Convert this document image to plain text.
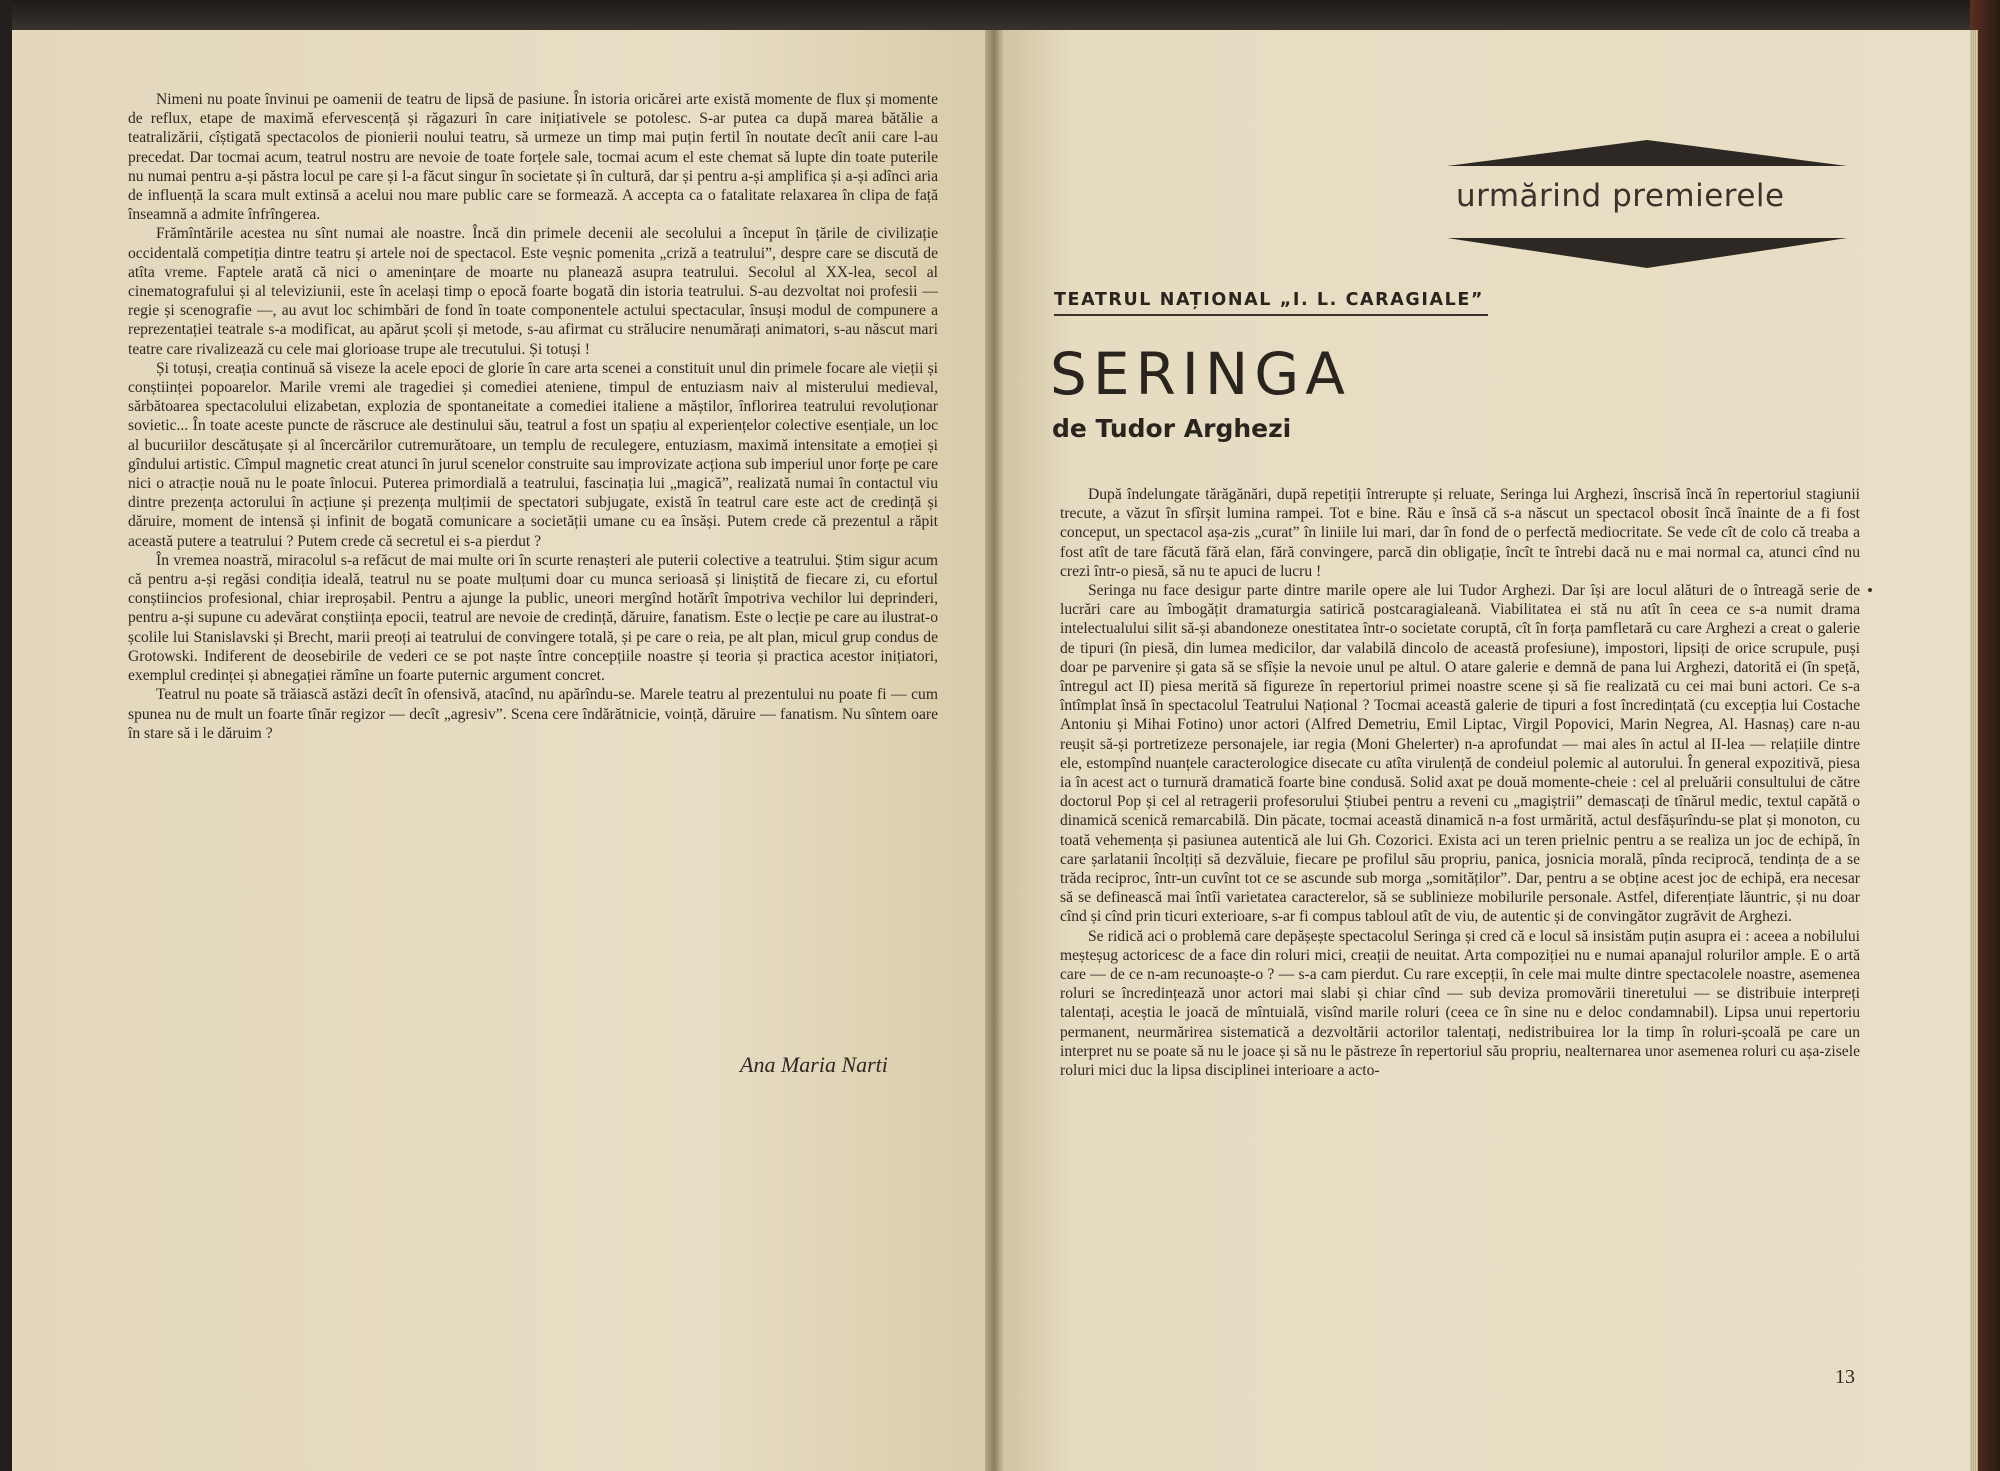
Nimeni nu poate învinui pe oamenii de teatru de lipsă de pasiune. În istoria oricărei arte există momente de flux și momente de reflux, etape de maximă efervescență și răgazuri în care inițiativele se potolesc. S-ar putea ca după marea bătălie a teatralizării, cîștigată spectacolos de pionierii noului teatru, să urmeze un timp mai puțin fertil în noutate decît anii care l-au precedat. Dar tocmai acum, teatrul nostru are nevoie de toate forțele sale, tocmai acum el este chemat să lupte din toate puterile nu numai pentru a-și păstra locul pe care și l-a făcut singur în societate și în cultură, dar și pentru a-și amplifica și a-și adînci aria de influență la scara mult extinsă a acelui nou mare public care se formează. A accepta ca o fatalitate relaxarea în clipa de față înseamnă a admite înfrîngerea.

Frămîntările acestea nu sînt numai ale noastre. Încă din primele decenii ale secolului a început în țările de civilizație occidentală competiția dintre teatru și artele noi de spectacol. Este veșnic pomenita „criză a teatrului”, despre care se discută de atîta vreme. Faptele arată că nici o amenințare de moarte nu planează asupra teatrului. Secolul al XX-lea, secol al cinematografului și al televiziunii, este în același timp o epocă foarte bogată din istoria teatrului. S-au dezvoltat noi profesii — regie și scenografie —, au avut loc schimbări de fond în toate componentele actului spectacular, însuși modul de compunere a reprezentației teatrale s-a modificat, au apărut școli și metode, s-au afirmat cu strălucire nenumărați animatori, s-au născut mari teatre care rivalizează cu cele mai glorioase trupe ale trecutului. Și totuși !

Și totuși, creația continuă să viseze la acele epoci de glorie în care arta scenei a constituit unul din primele focare ale vieții și conștiinței popoarelor. Marile vremi ale tragediei și comediei ateniene, timpul de entuziasm naiv al misterului medieval, sărbătoarea spectacolului elizabetan, explozia de spontaneitate a comediei italiene a măștilor, înflorirea teatrului revoluționar sovietic... În toate aceste puncte de răscruce ale destinului său, teatrul a fost un spațiu al experiențelor colective esențiale, un loc al bucuriilor descătușate și al încercărilor cutremurătoare, un templu de reculegere, entuziasm, maximă intensitate a emoției și gîndului artistic. Cîmpul magnetic creat atunci în jurul scenelor construite sau improvizate acționa sub imperiul unor forțe pe care nici o atracție nouă nu le poate înlocui. Puterea primordială a teatrului, fascinația lui „magică”, realizată numai în contactul viu dintre prezența actorului în acțiune și prezența mulțimii de spectatori subjugate, există în teatrul care este act de credință și dăruire, moment de intensă și infinit de bogată comunicare a societății umane cu ea însăși. Putem crede că prezentul a răpit această putere a teatrului ? Putem crede că secretul ei s-a pierdut ?

În vremea noastră, miracolul s-a refăcut de mai multe ori în scurte renașteri ale puterii colective a teatrului. Știm sigur acum că pentru a-și regăsi condiția ideală, teatrul nu se poate mulțumi doar cu munca serioasă și liniștită de fiecare zi, cu efortul conștiincios profesional, chiar ireproșabil. Pentru a ajunge la public, uneori mergînd hotărît împotriva vechilor lui deprinderi, pentru a-și supune cu adevărat conștiința epocii, teatrul are nevoie de credință, dăruire, fanatism. Este o lecție pe care au ilustrat-o școlile lui Stanislavski și Brecht, marii preoți ai teatrului de convingere totală, și pe care o reia, pe alt plan, micul grup condus de Grotowski. Indiferent de deosebirile de vederi ce se pot naște între concepțiile noastre și teoria și practica acestor inițiatori, exemplul credinței și abnegației rămîne un foarte puternic argument concret.

Teatrul nu poate să trăiască astăzi decît în ofensivă, atacînd, nu apărîndu-se. Marele teatru al prezentului nu poate fi — cum spunea nu de mult un foarte tînăr regizor — decît „agresiv”. Scena cere îndărătnicie, voință, dăruire — fanatism. Nu sîntem oare în stare să i le dăruim ?

Ana Maria Narti
urmărind premierele
TEATRUL NAȚIONAL „I. L. CARAGIALE”
SERINGA
de Tudor Arghezi

După îndelungate tărăgănări, după repetiții întrerupte și reluate, Seringa lui Arghezi, înscrisă încă în repertoriul stagiunii trecute, a văzut în sfîrșit lumina rampei. Tot e bine. Rău e însă că s-a născut un spectacol obosit încă înainte de a fi fost conceput, un spectacol așa-zis „curat” în liniile lui mari, dar în fond de o perfectă mediocritate. Se vede cît de colo că treaba a fost atît de tare făcută fără elan, fără convingere, parcă din obligație, încît te întrebi dacă nu e mai normal ca, atunci cînd nu crezi într-o piesă, să nu te apuci de lucru !

Seringa nu face desigur parte dintre marile opere ale lui Tudor Arghezi. Dar își are locul alături de o întreagă serie de lucrări care au îmbogățit dramaturgia satirică postcaragialeană. Viabilitatea ei stă nu atît în ceea ce s-a numit drama intelectualului silit să-și abandoneze onestitatea într-o societate coruptă, cît în forța pamfletară cu care Arghezi a creat o galerie de tipuri (în piesă, din lumea medicilor, dar valabilă dincolo de această profesiune), impostori, lipsiți de orice scrupule, puși doar pe parvenire și gata să se sfîșie la nevoie unul pe altul. O atare galerie e demnă de pana lui Arghezi, datorită ei (în speță, întregul act II) piesa merită să figureze în repertoriul primei noastre scene și să fie realizată cu cei mai buni actori. Ce s-a întîmplat însă în spectacolul Teatrului Național ? Tocmai această galerie de tipuri a fost încredințată (cu excepția lui Costache Antoniu și Mihai Fotino) unor actori (Alfred Demetriu, Emil Liptac, Virgil Popovici, Marin Negrea, Al. Hasnaș) care n-au reușit să-și portretizeze personajele, iar regia (Moni Ghelerter) n-a aprofundat — mai ales în actul al II-lea — relațiile dintre ele, estompînd nuanțele caracterologice disecate cu atîta virulență de condeiul polemic al autorului. În general expozitivă, piesa ia în acest act o turnură dramatică foarte bine condusă. Solid axat pe două momente-cheie : cel al preluării consultului de către doctorul Pop și cel al retragerii profesorului Știubei pentru a reveni cu „magiștrii” demascați de tînărul medic, textul capătă o dinamică scenică remarcabilă. Din păcate, tocmai această dinamică n-a fost urmărită, actul desfășurîndu-se plat și monoton, cu toată vehemența și pasiunea autentică ale lui Gh. Cozorici. Exista aci un teren prielnic pentru a se realiza un joc de echipă, în care șarlatanii încolțiți să dezvăluie, fiecare pe profilul său propriu, panica, josnicia morală, pînda reciprocă, tendința de a se trăda reciproc, într-un cuvînt tot ce se ascunde sub morga „somităților”. Dar, pentru a se obține acest joc de echipă, era necesar să se definească mai întîi varietatea caracterelor, să se sublinieze mobilurile personale. Astfel, diferențiate lăuntric, și nu doar cînd și cînd prin ticuri exterioare, s-ar fi compus tabloul atît de viu, de autentic și de convingător zugrăvit de Arghezi.

Se ridică aci o problemă care depășește spectacolul Seringa și cred că e locul să insistăm puțin asupra ei : aceea a nobilului meșteșug actoricesc de a face din roluri mici, creații de neuitat. Arta compoziției nu e numai apanajul rolurilor ample. E o artă care — de ce n-am recunoaște-o ? — s-a cam pierdut. Cu rare excepții, în cele mai multe dintre spectacolele noastre, asemenea roluri se încredințează unor actori mai slabi și chiar cînd — sub deviza promovării tineretului — se distribuie interpreți talentați, aceștia le joacă de mîntuială, visînd marile roluri (ceea ce în sine nu e deloc condamnabil). Lipsa unui repertoriu permanent, neurmărirea sistematică a dezvoltării actorilor talentați, nedistribuirea lor la timp în roluri-școală pe care un interpret nu se poate să nu le joace și să nu le păstreze în repertoriul său propriu, nealternarea unor asemenea roluri cu așa-zisele roluri mici duc la lipsa disciplinei interioare a acto-

13
